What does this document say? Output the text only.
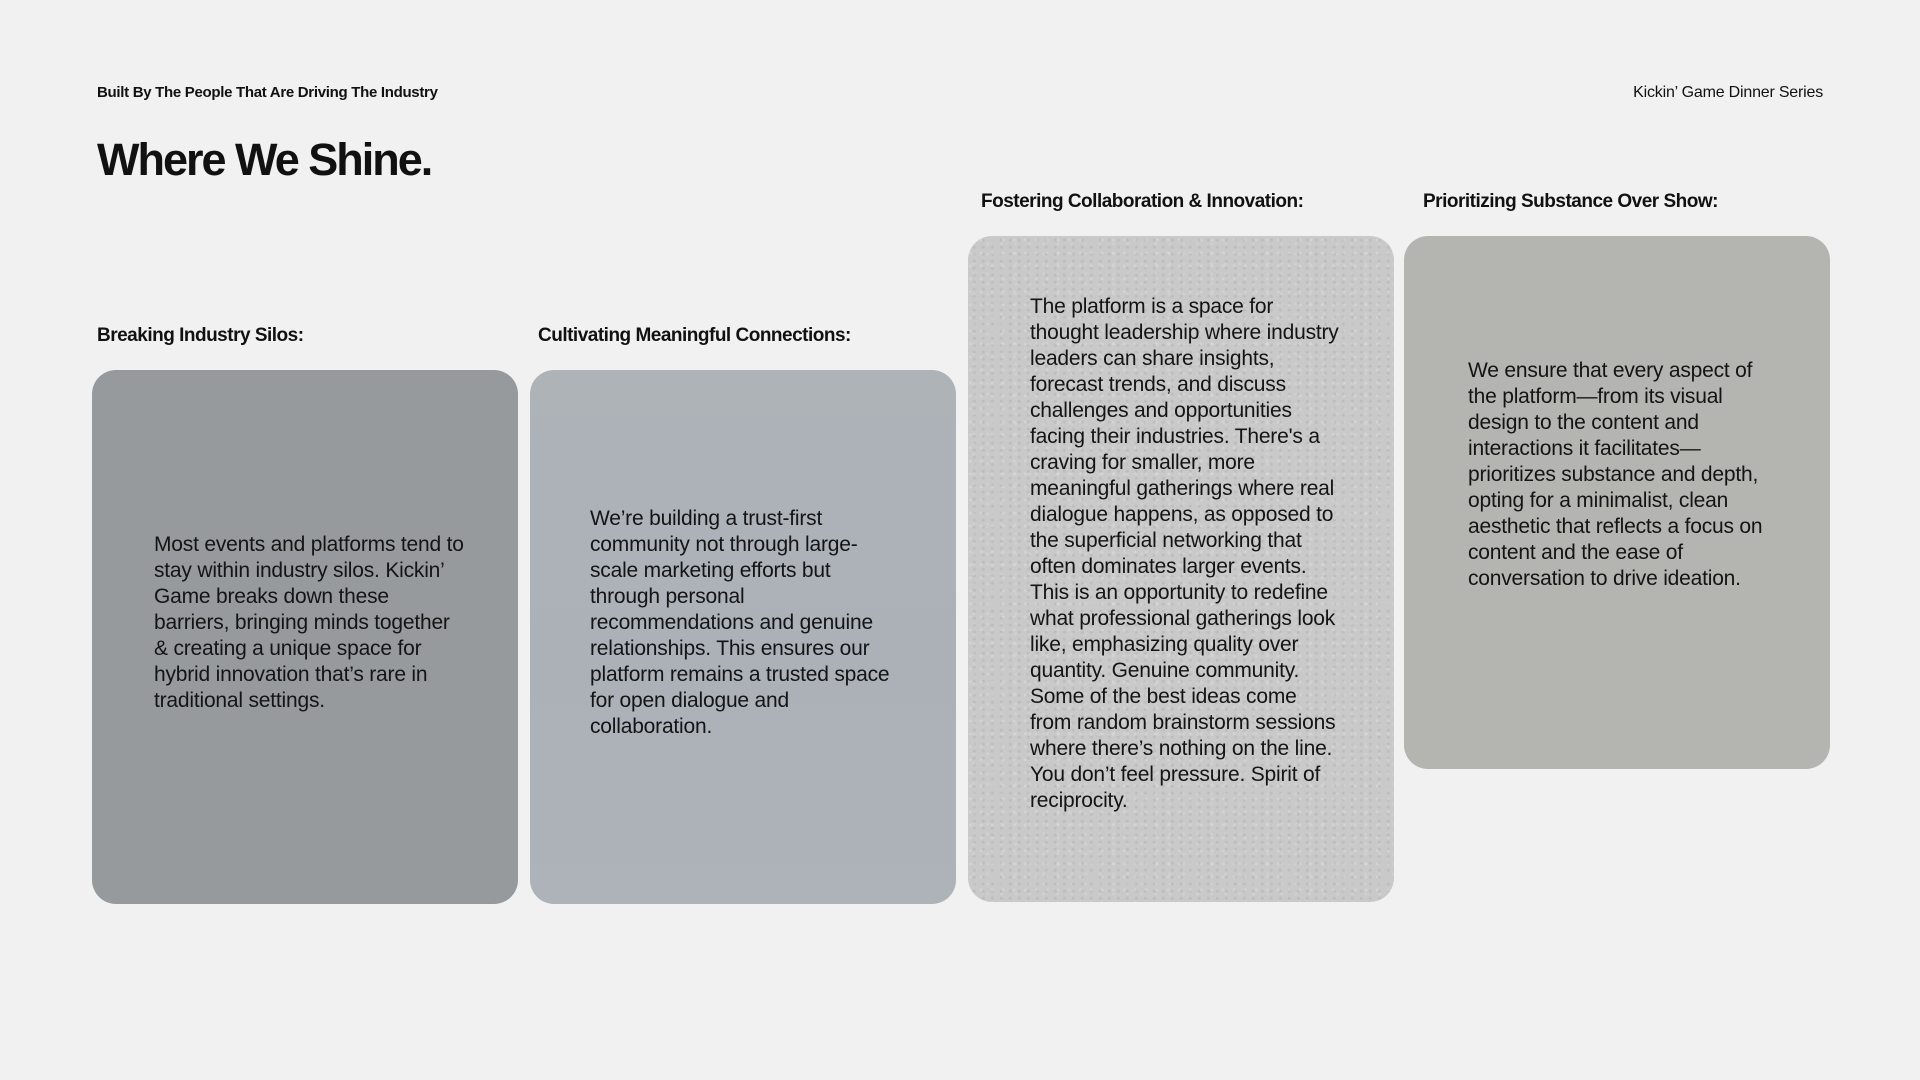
Built By The People That Are Driving The Industry	Kickin’ Game Dinner Series
Where We Shine.
Breaking Industry Silos:

Most events and platforms tend to stay within industry silos. Kickin’ Game breaks down these barriers, bringing minds together & creating a unique space for hybrid innovation that’s rare in traditional settings.

Cultivating Meaningful Connections:

We’re building a trust-first community not through large-scale marketing efforts but through personal recommendations and genuine relationships. This ensures our platform remains a trusted space for open dialogue and collaboration.

Fostering Collaboration & Innovation:

The platform is a space for thought leadership where industry leaders can share insights, forecast trends, and discuss challenges and opportunities facing their industries. There's a craving for smaller, more meaningful gatherings where real dialogue happens, as opposed to the superficial networking that often dominates larger events. This is an opportunity to redefine what professional gatherings look like, emphasizing quality over quantity. Genuine community. Some of the best ideas come from random brainstorm sessions where there’s nothing on the line. You don’t feel pressure. Spirit of reciprocity.

Prioritizing Substance Over Show:

We ensure that every aspect of the platform—from its visual design to the content and interactions it facilitates—prioritizes substance and depth, opting for a minimalist, clean aesthetic that reflects a focus on content and the ease of conversation to drive ideation.
